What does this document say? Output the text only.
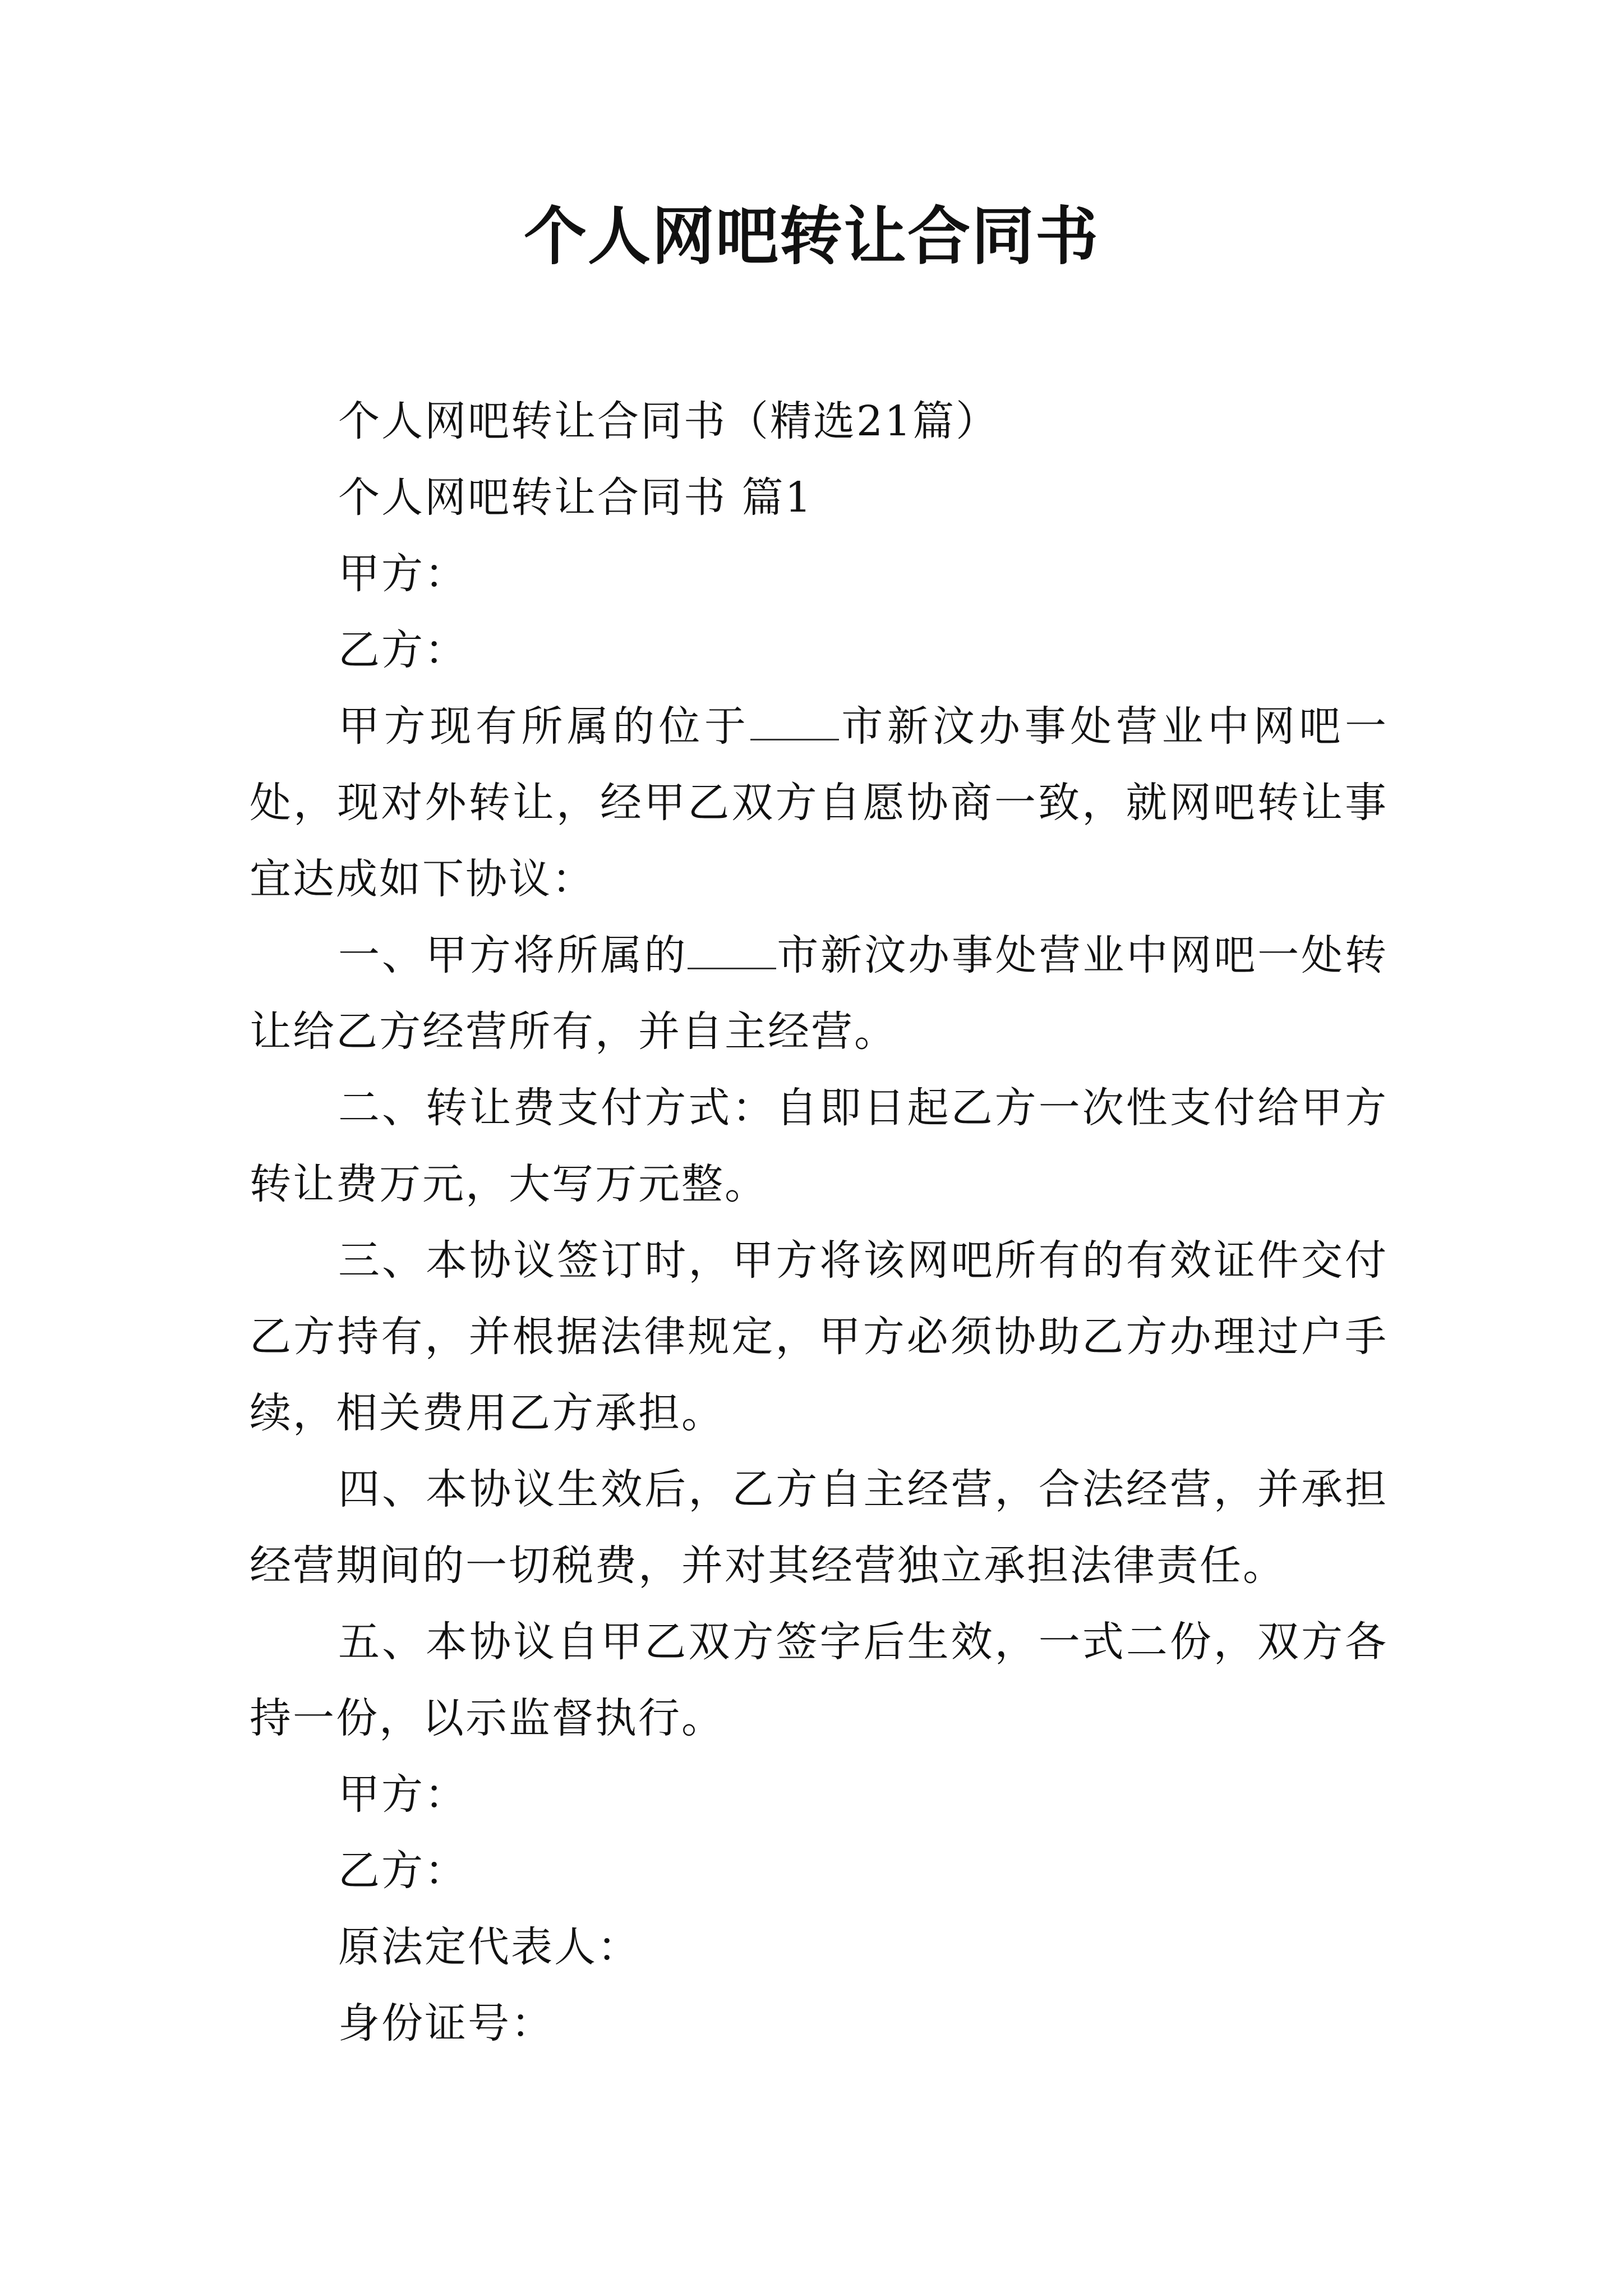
个人网吧转让合同书

个人网吧转让合同书（精选21篇）

个人网吧转让合同书 篇1

甲方：

乙方：

甲方现有所属的位于 市新汶办事处营业中网吧一处，现对外转让，经甲乙双方自愿协商一致，就网吧转让事宜达成如下协议：

一、甲方将所属的 市新汶办事处营业中网吧一处转让给乙方经营所有，并自主经营。

二、转让费支付方式：自即日起乙方一次性支付给甲方转让费万元，大写万元整。

三、本协议签订时，甲方将该网吧所有的有效证件交付乙方持有，并根据法律规定，甲方必须协助乙方办理过户手续，相关费用乙方承担。

四、本协议生效后，乙方自主经营，合法经营，并承担经营期间的一切税费，并对其经营独立承担法律责任。

五、本协议自甲乙双方签字后生效，一式二份，双方各持一份，以示监督执行。

甲方：

乙方：

原法定代表人：

身份证号：
